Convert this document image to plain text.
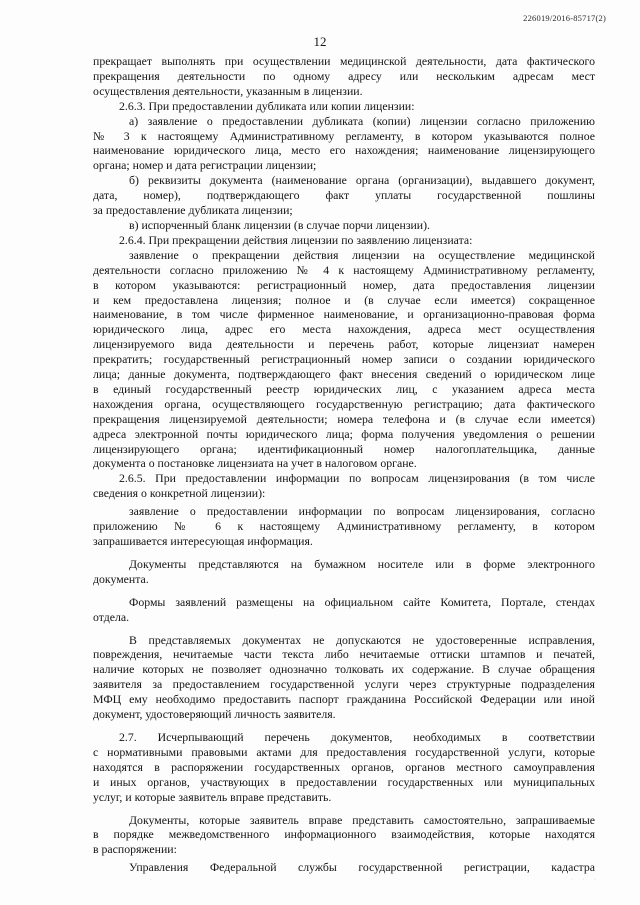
226019/2016-85717(2)
12

прекращает выполнять при осуществлении медицинской деятельности, дата фактического

прекращения деятельности по одному адресу или нескольким адресам мест

осуществления деятельности, указанным в лицензии.

2.6.3. При предоставлении дубликата или копии лицензии:

а) заявление о предоставлении дубликата (копии) лицензии согласно приложению

№ 3 к настоящему Административному регламенту, в котором указываются полное

наименование юридического лица, место его нахождения; наименование лицензирующего

органа; номер и дата регистрации лицензии;

б) реквизиты документа (наименование органа (организации), выдавшего документ,

дата, номер), подтверждающего факт уплаты государственной пошлины

за предоставление дубликата лицензии;

в) испорченный бланк лицензии (в случае порчи лицензии).

2.6.4. При прекращении действия лицензии по заявлению лицензиата:

заявление о прекращении действия лицензии на осуществление медицинской

деятельности согласно приложению № 4 к настоящему Административному регламенту,

в котором указываются: регистрационный номер, дата предоставления лицензии

и кем предоставлена лицензия; полное и (в случае если имеется) сокращенное

наименование, в том числе фирменное наименование, и организационно-правовая форма

юридического лица, адрес его места нахождения, адреса мест осуществления

лицензируемого вида деятельности и перечень работ, которые лицензиат намерен

прекратить; государственный регистрационный номер записи о создании юридического

лица; данные документа, подтверждающего факт внесения сведений о юридическом лице

в единый государственный реестр юридических лиц, с указанием адреса места

нахождения органа, осуществляющего государственную регистрацию; дата фактического

прекращения лицензируемой деятельности; номера телефона и (в случае если имеется)

адреса электронной почты юридического лица; форма получения уведомления о решении

лицензирующего органа; идентификационный номер налогоплательщика, данные

документа о постановке лицензиата на учет в налоговом органе.

2.6.5. При предоставлении информации по вопросам лицензирования (в том числе

сведения о конкретной лицензии):

заявление о предоставлении информации по вопросам лицензирования, согласно

приложению № 6 к настоящему Административному регламенту, в котором

запрашивается интересующая информация.

Документы представляются на бумажном носителе или в форме электронного

документа.

Формы заявлений размещены на официальном сайте Комитета, Портале, стендах

отдела.

В представляемых документах не допускаются не удостоверенные исправления,

повреждения, нечитаемые части текста либо нечитаемые оттиски штампов и печатей,

наличие которых не позволяет однозначно толковать их содержание. В случае обращения

заявителя за предоставлением государственной услуги через структурные подразделения

МФЦ ему необходимо предоставить паспорт гражданина Российской Федерации или иной

документ, удостоверяющий личность заявителя.

2.7. Исчерпывающий перечень документов, необходимых в соответствии

с нормативными правовыми актами для предоставления государственной услуги, которые

находятся в распоряжении государственных органов, органов местного самоуправления

и иных органов, участвующих в предоставлении государственных или муниципальных

услуг, и которые заявитель вправе представить.

Документы, которые заявитель вправе представить самостоятельно, запрашиваемые

в порядке межведомственного информационного взаимодействия, которые находятся

в распоряжении:

Управления Федеральной службы государственной регистрации, кадастра

·	· · ·
